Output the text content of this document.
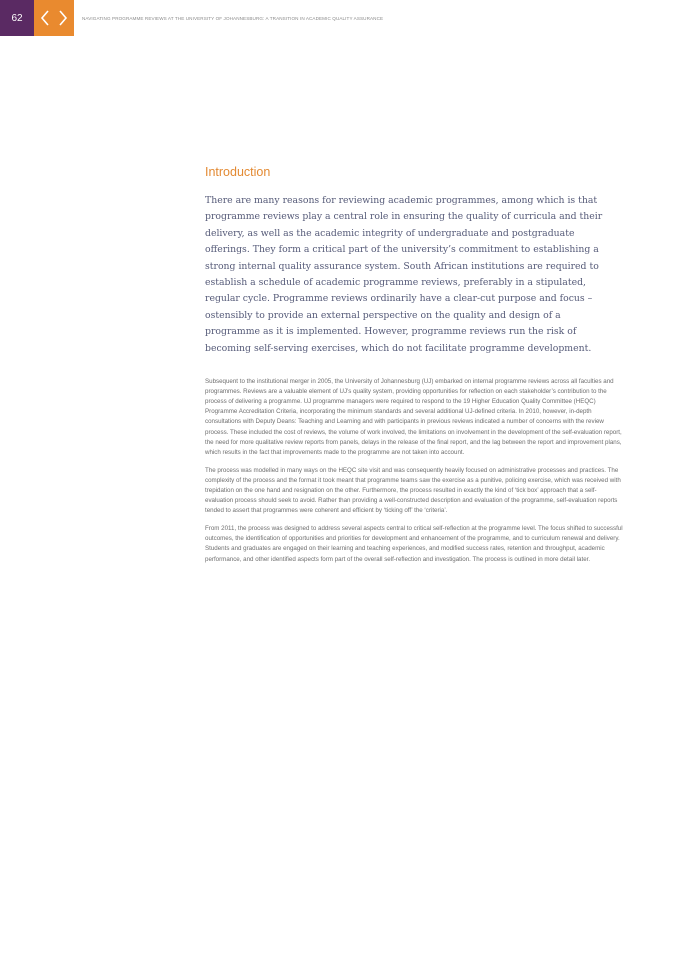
62	NAVIGATING PROGRAMME REVIEWS AT THE UNIVERSITY OF JOHANNESBURG: A TRANSITION IN ACADEMIC QUALITY ASSURANCE
Introduction

There are many reasons for reviewing academic programmes, among which is that programme reviews play a central role in ensuring the quality of curricula and their delivery, as well as the academic integrity of undergraduate and postgraduate offerings. They form a critical part of the university’s commitment to establishing a strong internal quality assurance system. South African institutions are required to establish a schedule of academic programme reviews, preferably in a stipulated, regular cycle. Programme reviews ordinarily have a clear-cut purpose and focus – ostensibly to provide an external perspective on the quality and design of a programme as it is implemented. However, programme reviews run the risk of becoming self-serving exercises, which do not facilitate programme development.

Subsequent to the institutional merger in 2005, the University of Johannesburg (UJ) embarked on internal programme reviews across all faculties and programmes. Reviews are a valuable element of UJ’s quality system, providing opportunities for reflection on each stakeholder’s contribution to the process of delivering a programme. UJ programme managers were required to respond to the 19 Higher Education Quality Committee (HEQC) Programme Accreditation Criteria, incorporating the minimum standards and several additional UJ-defined criteria. In 2010, however, in-depth consultations with Deputy Deans: Teaching and Learning and with participants in previous reviews indicated a number of concerns with the review process. These included the cost of reviews, the volume of work involved, the limitations on involvement in the development of the self-evaluation report, the need for more qualitative review reports from panels, delays in the release of the final report, and the lag between the report and improvement plans, which results in the fact that improvements made to the programme are not taken into account.

The process was modelled in many ways on the HEQC site visit and was consequently heavily focused on administrative processes and practices. The complexity of the process and the format it took meant that programme teams saw the exercise as a punitive, policing exercise, which was received with trepidation on the one hand and resignation on the other. Furthermore, the process resulted in exactly the kind of ‘tick box’ approach that a self-evaluation process should seek to avoid. Rather than providing a well-constructed description and evaluation of the programme, self-evaluation reports tended to assert that programmes were coherent and efficient by ‘ticking off’ the ‘criteria’.

From 2011, the process was designed to address several aspects central to critical self-reflection at the programme level. The focus shifted to successful outcomes, the identification of opportunities and priorities for development and enhancement of the programme, and to curriculum renewal and delivery. Students and graduates are engaged on their learning and teaching experiences, and modified success rates, retention and throughput, academic performance, and other identified aspects form part of the overall self-reflection and investigation. The process is outlined in more detail later.
